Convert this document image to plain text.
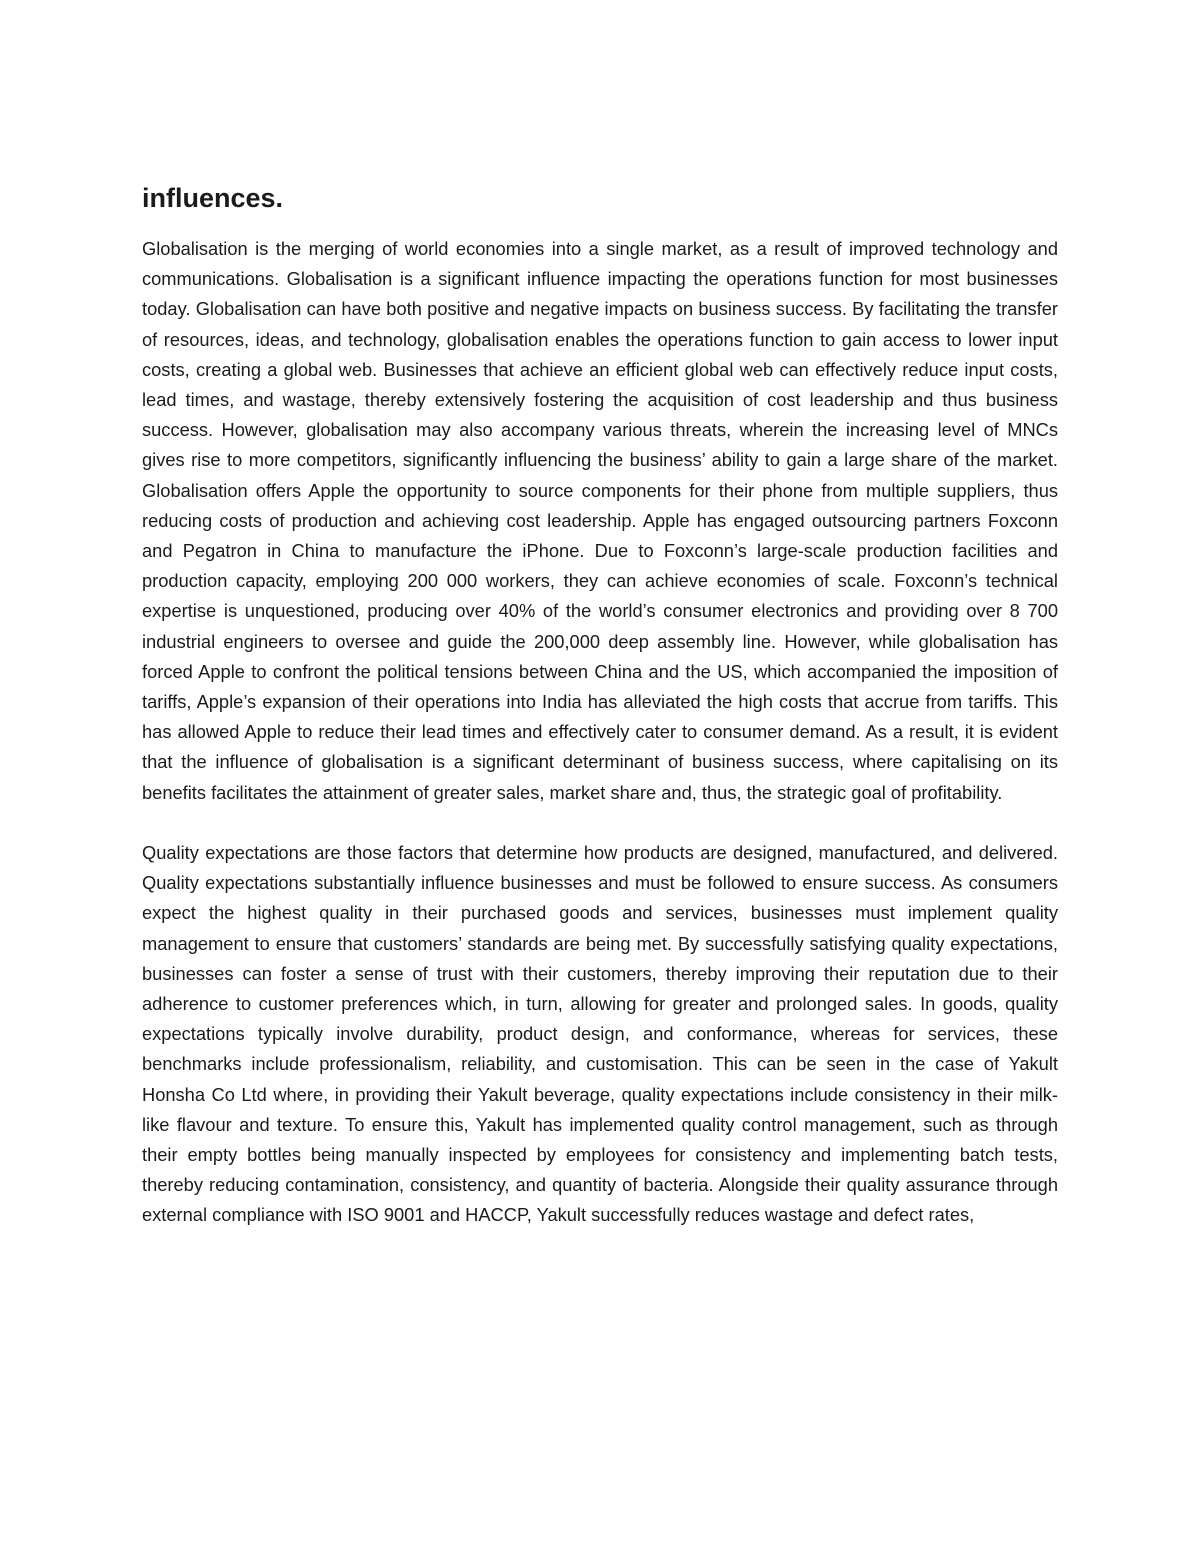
influences.

Globalisation is the merging of world economies into a single market, as a result of improved technology and communications. Globalisation is a significant influence impacting the operations function for most businesses today. Globalisation can have both positive and negative impacts on business success. By facilitating the transfer of resources, ideas, and technology, globalisation enables the operations function to gain access to lower input costs, creating a global web. Businesses that achieve an efficient global web can effectively reduce input costs, lead times, and wastage, thereby extensively fostering the acquisition of cost leadership and thus business success. However, globalisation may also accompany various threats, wherein the increasing level of MNCs gives rise to more competitors, significantly influencing the business’ ability to gain a large share of the market. Globalisation offers Apple the opportunity to source components for their phone from multiple suppliers, thus reducing costs of production and achieving cost leadership. Apple has engaged outsourcing partners Foxconn and Pegatron in China to manufacture the iPhone. Due to Foxconn’s large-scale production facilities and production capacity, employing 200 000 workers, they can achieve economies of scale. Foxconn’s technical expertise is unquestioned, producing over 40% of the world’s consumer electronics and providing over 8 700 industrial engineers to oversee and guide the 200,000 deep assembly line. However, while globalisation has forced Apple to confront the political tensions between China and the US, which accompanied the imposition of tariffs, Apple’s expansion of their operations into India has alleviated the high costs that accrue from tariffs. This has allowed Apple to reduce their lead times and effectively cater to consumer demand. As a result, it is evident that the influence of globalisation is a significant determinant of business success, where capitalising on its benefits facilitates the attainment of greater sales, market share and, thus, the strategic goal of profitability.

Quality expectations are those factors that determine how products are designed, manufactured, and delivered. Quality expectations substantially influence businesses and must be followed to ensure success. As consumers expect the highest quality in their purchased goods and services, businesses must implement quality management to ensure that customers’ standards are being met. By successfully satisfying quality expectations, businesses can foster a sense of trust with their customers, thereby improving their reputation due to their adherence to customer preferences which, in turn, allowing for greater and prolonged sales. In goods, quality expectations typically involve durability, product design, and conformance, whereas for services, these benchmarks include professionalism, reliability, and customisation. This can be seen in the case of Yakult Honsha Co Ltd where, in providing their Yakult beverage, quality expectations include consistency in their milk-like flavour and texture. To ensure this, Yakult has implemented quality control management, such as through their empty bottles being manually inspected by employees for consistency and implementing batch tests, thereby reducing contamination, consistency, and quantity of bacteria. Alongside their quality assurance through external compliance with ISO 9001 and HACCP, Yakult successfully reduces wastage and defect rates,
